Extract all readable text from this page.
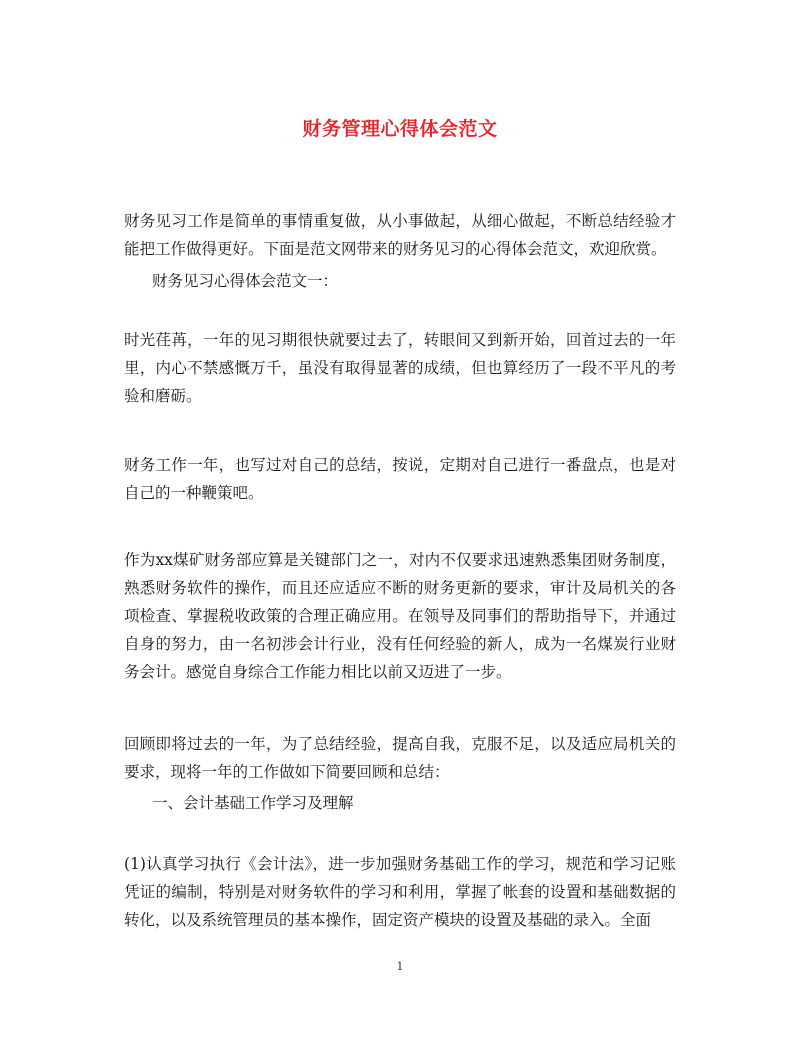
财务管理心得体会范文

财务见习工作是简单的事情重复做，从小事做起，从细心做起，不断总结经验才能把工作做得更好。下面是范文网带来的财务见习的心得体会范文，欢迎欣赏。

财务见习心得体会范文一：

时光荏苒，一年的见习期很快就要过去了，转眼间又到新开始，回首过去的一年里，内心不禁感慨万千，虽没有取得显著的成绩，但也算经历了一段不平凡的考验和磨砺。

财务工作一年，也写过对自己的总结，按说，定期对自己进行一番盘点，也是对自己的一种鞭策吧。

作为xx煤矿财务部应算是关键部门之一，对内不仅要求迅速熟悉集团财务制度，熟悉财务软件的操作，而且还应适应不断的财务更新的要求，审计及局机关的各项检查、掌握税收政策的合理正确应用。在领导及同事们的帮助指导下，并通过自身的努力，由一名初涉会计行业，没有任何经验的新人，成为一名煤炭行业财务会计。感觉自身综合工作能力相比以前又迈进了一步。

回顾即将过去的一年，为了总结经验，提高自我，克服不足，以及适应局机关的要求，现将一年的工作做如下简要回顾和总结：

一、会计基础工作学习及理解

(1)认真学习执行《会计法》，进一步加强财务基础工作的学习，规范和学习记账凭证的编制，特别是对财务软件的学习和利用，掌握了帐套的设置和基础数据的转化，以及系统管理员的基本操作，固定资产模块的设置及基础的录入。全面

1
